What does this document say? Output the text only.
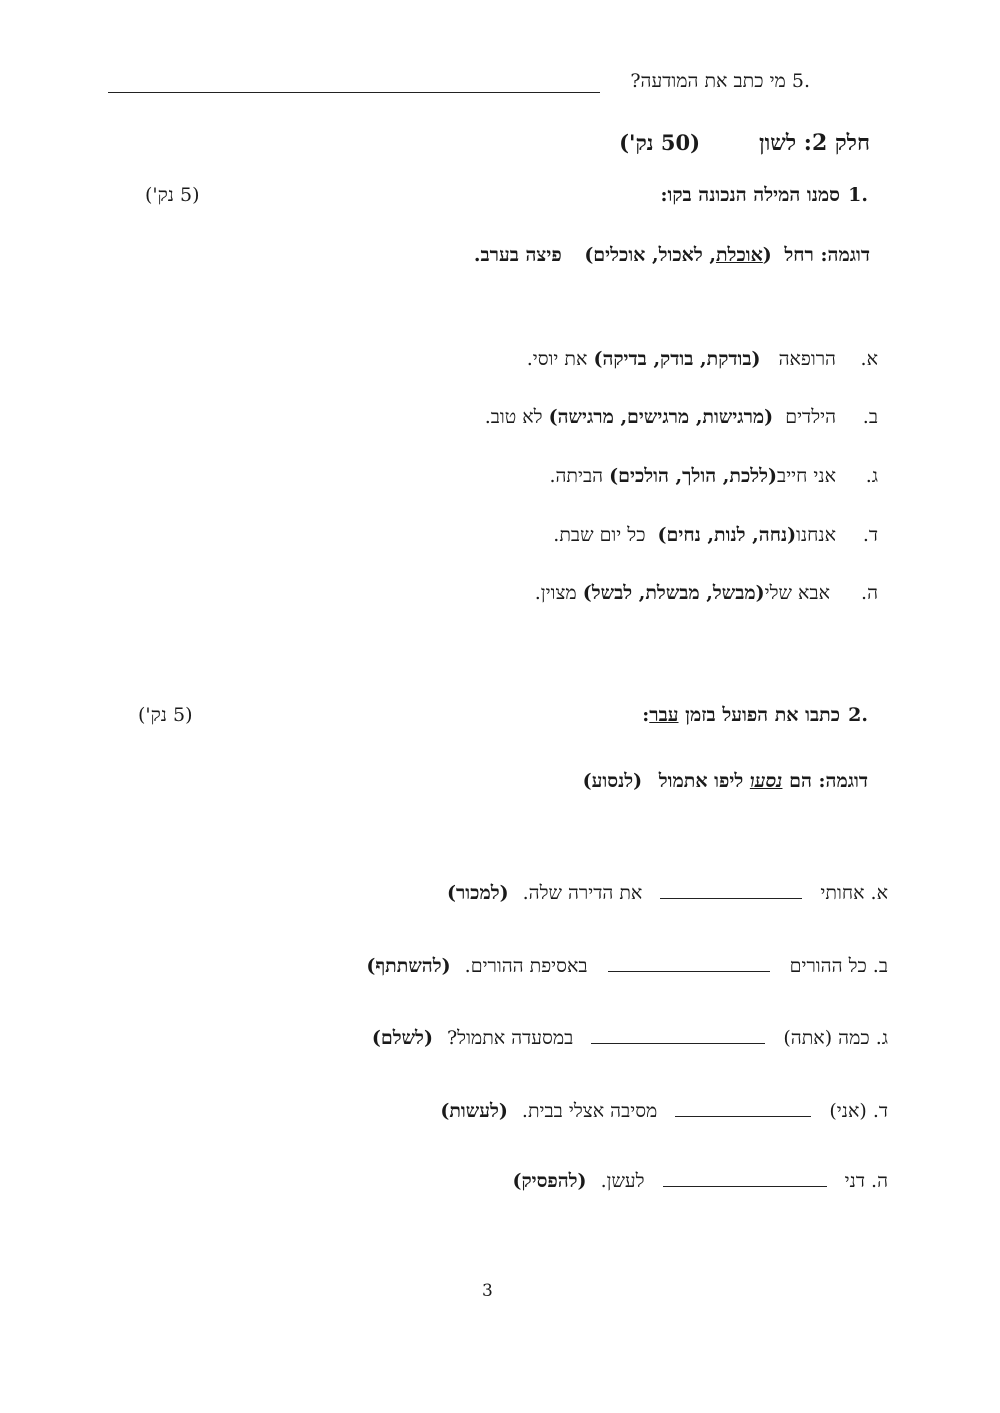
.5 מי כתב את המודעה?
חלק 2: לשון
(50 נק')
.1
סמנו המילה הנכונה בקו:
(5 נק')
דוגמה: רחל (אוכלת, לאכול, אוכלים) פיצה בערב.
א.
הרופאה (בודקת, בודק, בדיקה) את יוסי.
ב.
הילדים (מרגישות, מרגישים, מרגישה) לא טוב.
ג.
אני חייב(ללכת, הולך, הולכים) הביתה.
ד.
אנחנו(נחה, לנות, נחים) כל יום שבת.
ה.
אבא שלי(מבשל, מבשלת, לבשל) מצוין.
.2
כתבו את הפועל בזמן עבר:
(5 נק')
דוגמה: הם נסעו ליפו אתמול (לנסוע)
א. אחותי  את הדירה שלה. (למכור)
ב. כל ההורים  באסיפת ההורים. (להשתתף)
ג. כמה (אתה)  במסעדה אתמול? (לשלם)
ד. (אני)  מסיבה אצלי בבית. (לעשות)
ה. דני  לעשן. (להפסיק)
3
